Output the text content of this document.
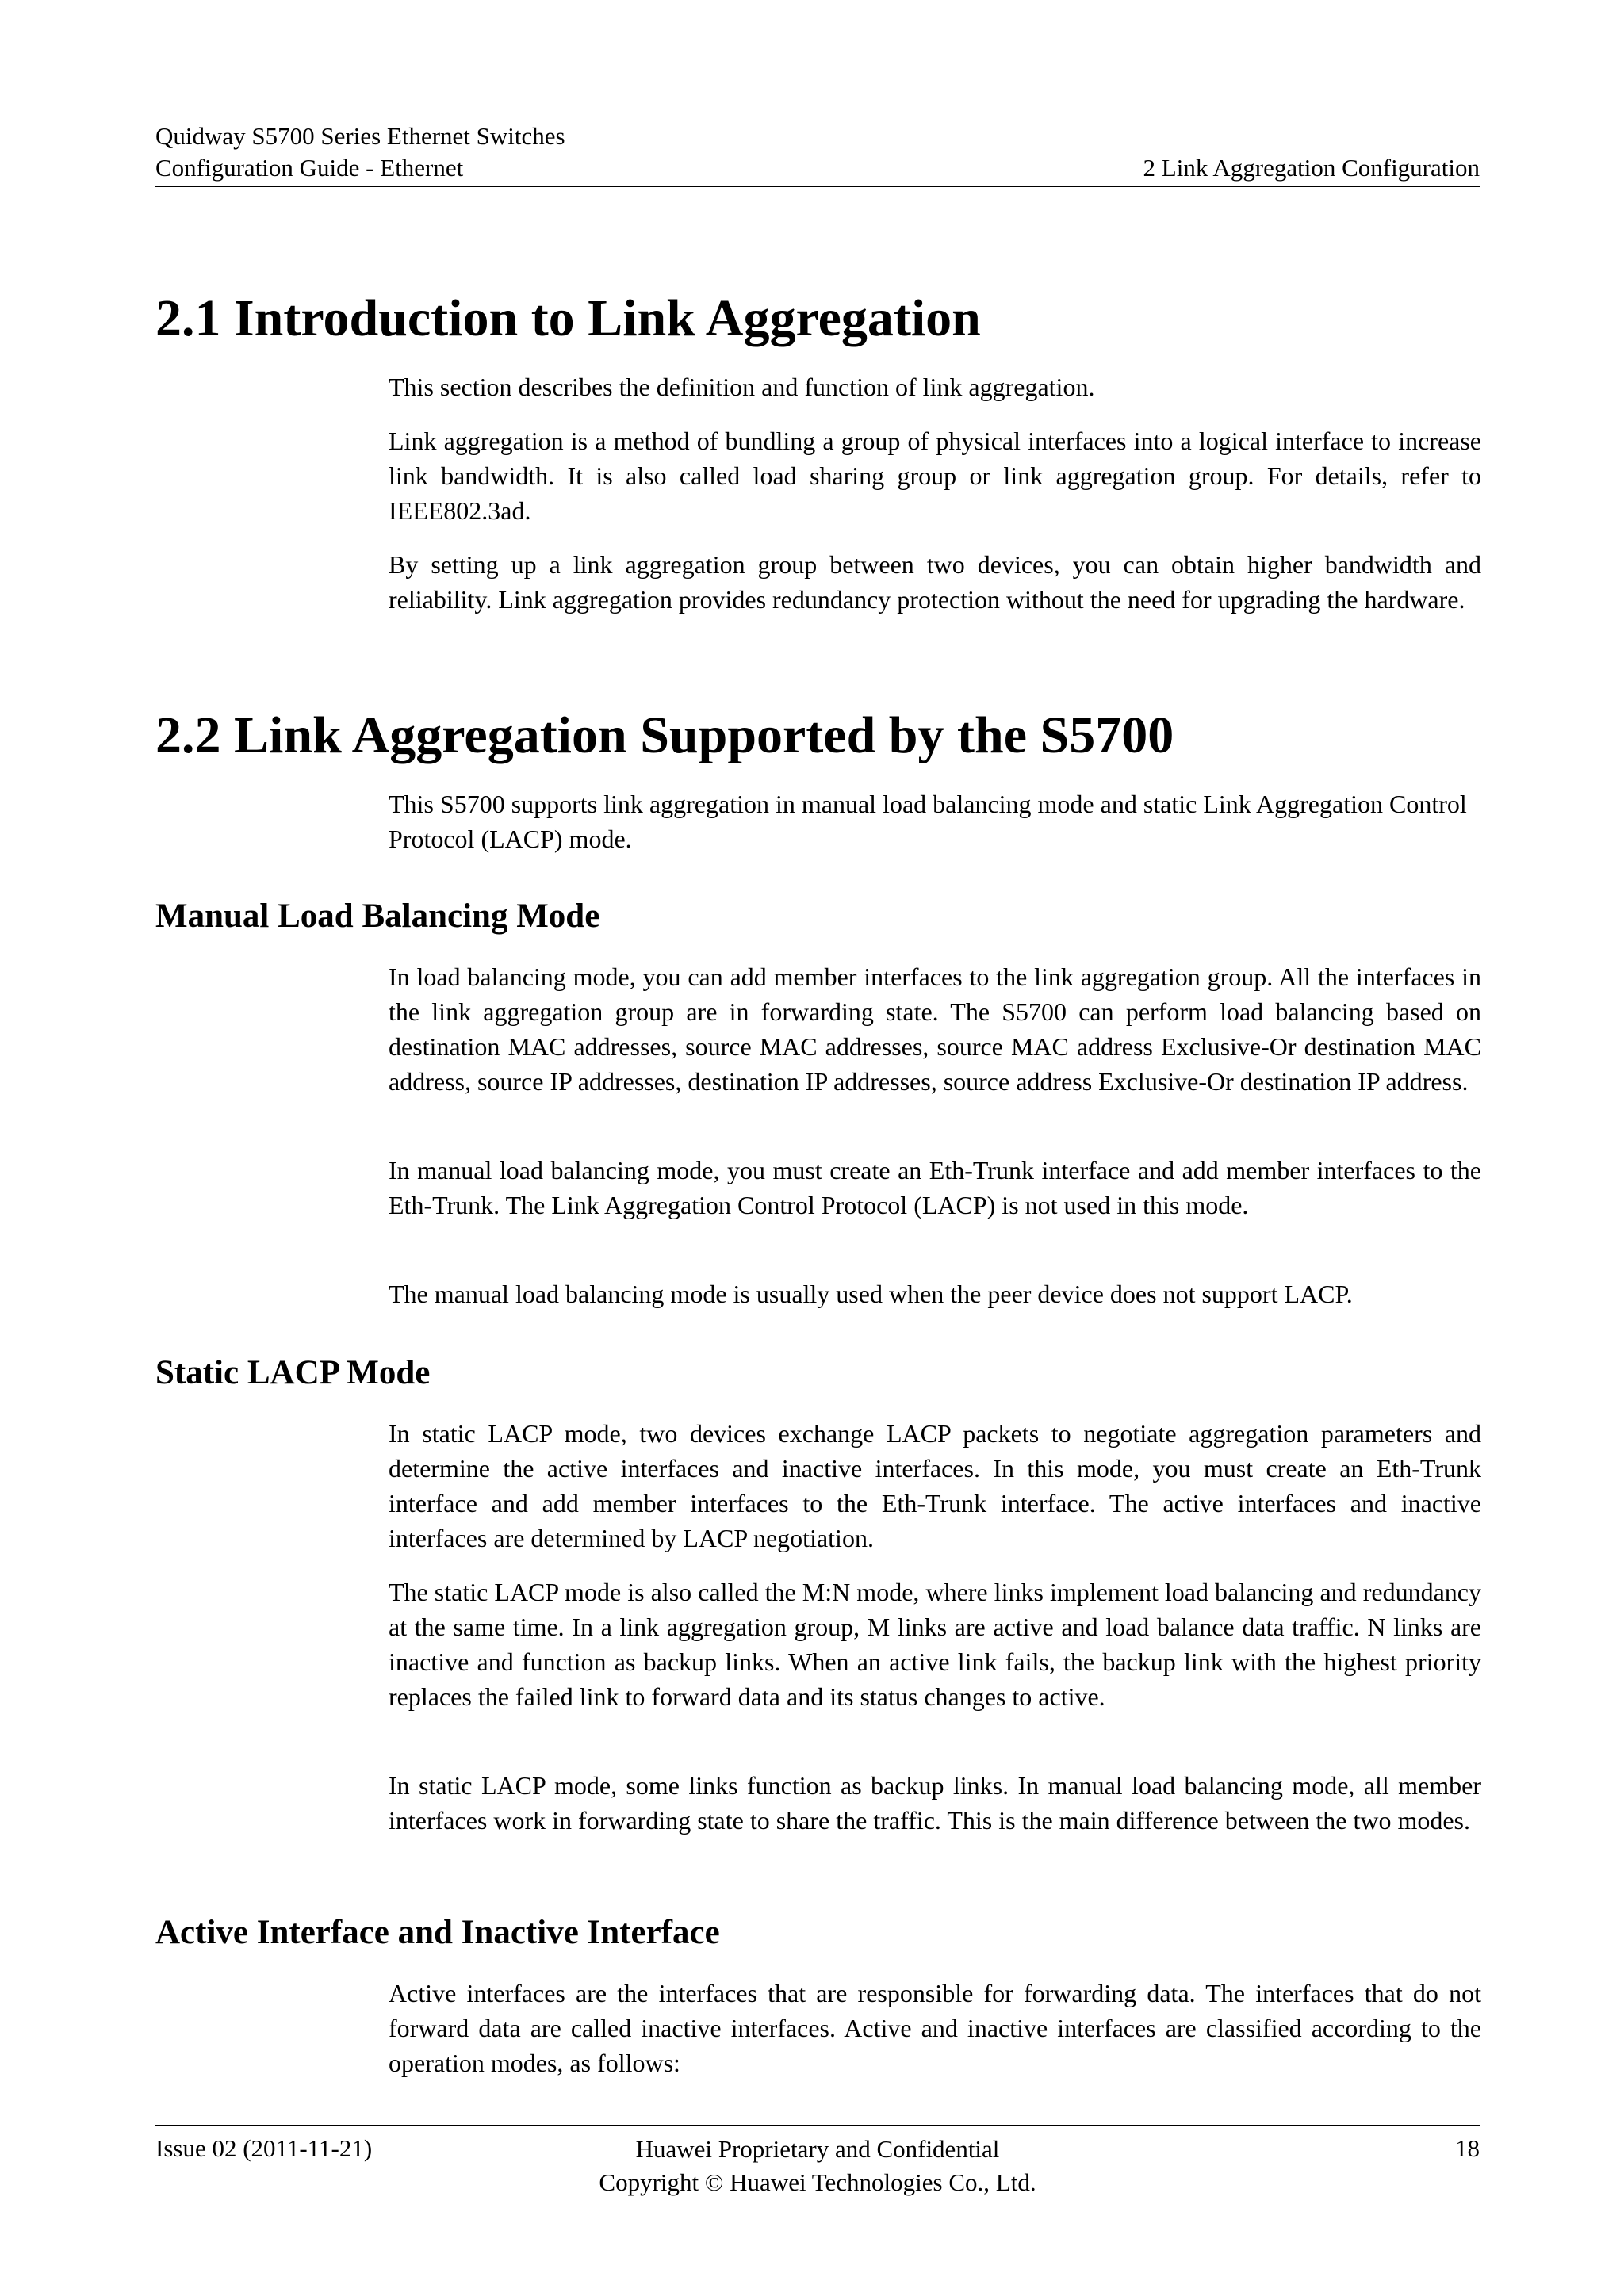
Quidway S5700 Series Ethernet Switches
Configuration Guide - Ethernet	2 Link Aggregation Configuration
2.1 Introduction to Link Aggregation

This section describes the definition and function of link aggregation.

Link aggregation is a method of bundling a group of physical interfaces into a logical interface to increase link bandwidth. It is also called load sharing group or link aggregation group. For details, refer to IEEE802.3ad.

By setting up a link aggregation group between two devices, you can obtain higher bandwidth and reliability. Link aggregation provides redundancy protection without the need for upgrading the hardware.

2.2 Link Aggregation Supported by the S5700

This S5700 supports link aggregation in manual load balancing mode and static Link Aggregation Control Protocol (LACP) mode.

Manual Load Balancing Mode

In load balancing mode, you can add member interfaces to the link aggregation group. All the interfaces in the link aggregation group are in forwarding state. The S5700 can perform load balancing based on destination MAC addresses, source MAC addresses, source MAC address Exclusive-Or destination MAC address, source IP addresses, destination IP addresses, source address Exclusive-Or destination IP address.

In manual load balancing mode, you must create an Eth-Trunk interface and add member interfaces to the Eth-Trunk. The Link Aggregation Control Protocol (LACP) is not used in this mode.

The manual load balancing mode is usually used when the peer device does not support LACP.

Static LACP Mode

In static LACP mode, two devices exchange LACP packets to negotiate aggregation parameters and determine the active interfaces and inactive interfaces. In this mode, you must create an Eth-Trunk interface and add member interfaces to the Eth-Trunk interface. The active interfaces and inactive interfaces are determined by LACP negotiation.

The static LACP mode is also called the M:N mode, where links implement load balancing and redundancy at the same time. In a link aggregation group, M links are active and load balance data traffic. N links are inactive and function as backup links. When an active link fails, the backup link with the highest priority replaces the failed link to forward data and its status changes to active.

In static LACP mode, some links function as backup links. In manual load balancing mode, all member interfaces work in forwarding state to share the traffic. This is the main difference between the two modes.

Active Interface and Inactive Interface

Active interfaces are the interfaces that are responsible for forwarding data. The interfaces that do not forward data are called inactive interfaces. Active and inactive interfaces are classified according to the operation modes, as follows:

Issue 02 (2011-11-21)	Huawei Proprietary and Confidential
Copyright © Huawei Technologies Co., Ltd.
18
